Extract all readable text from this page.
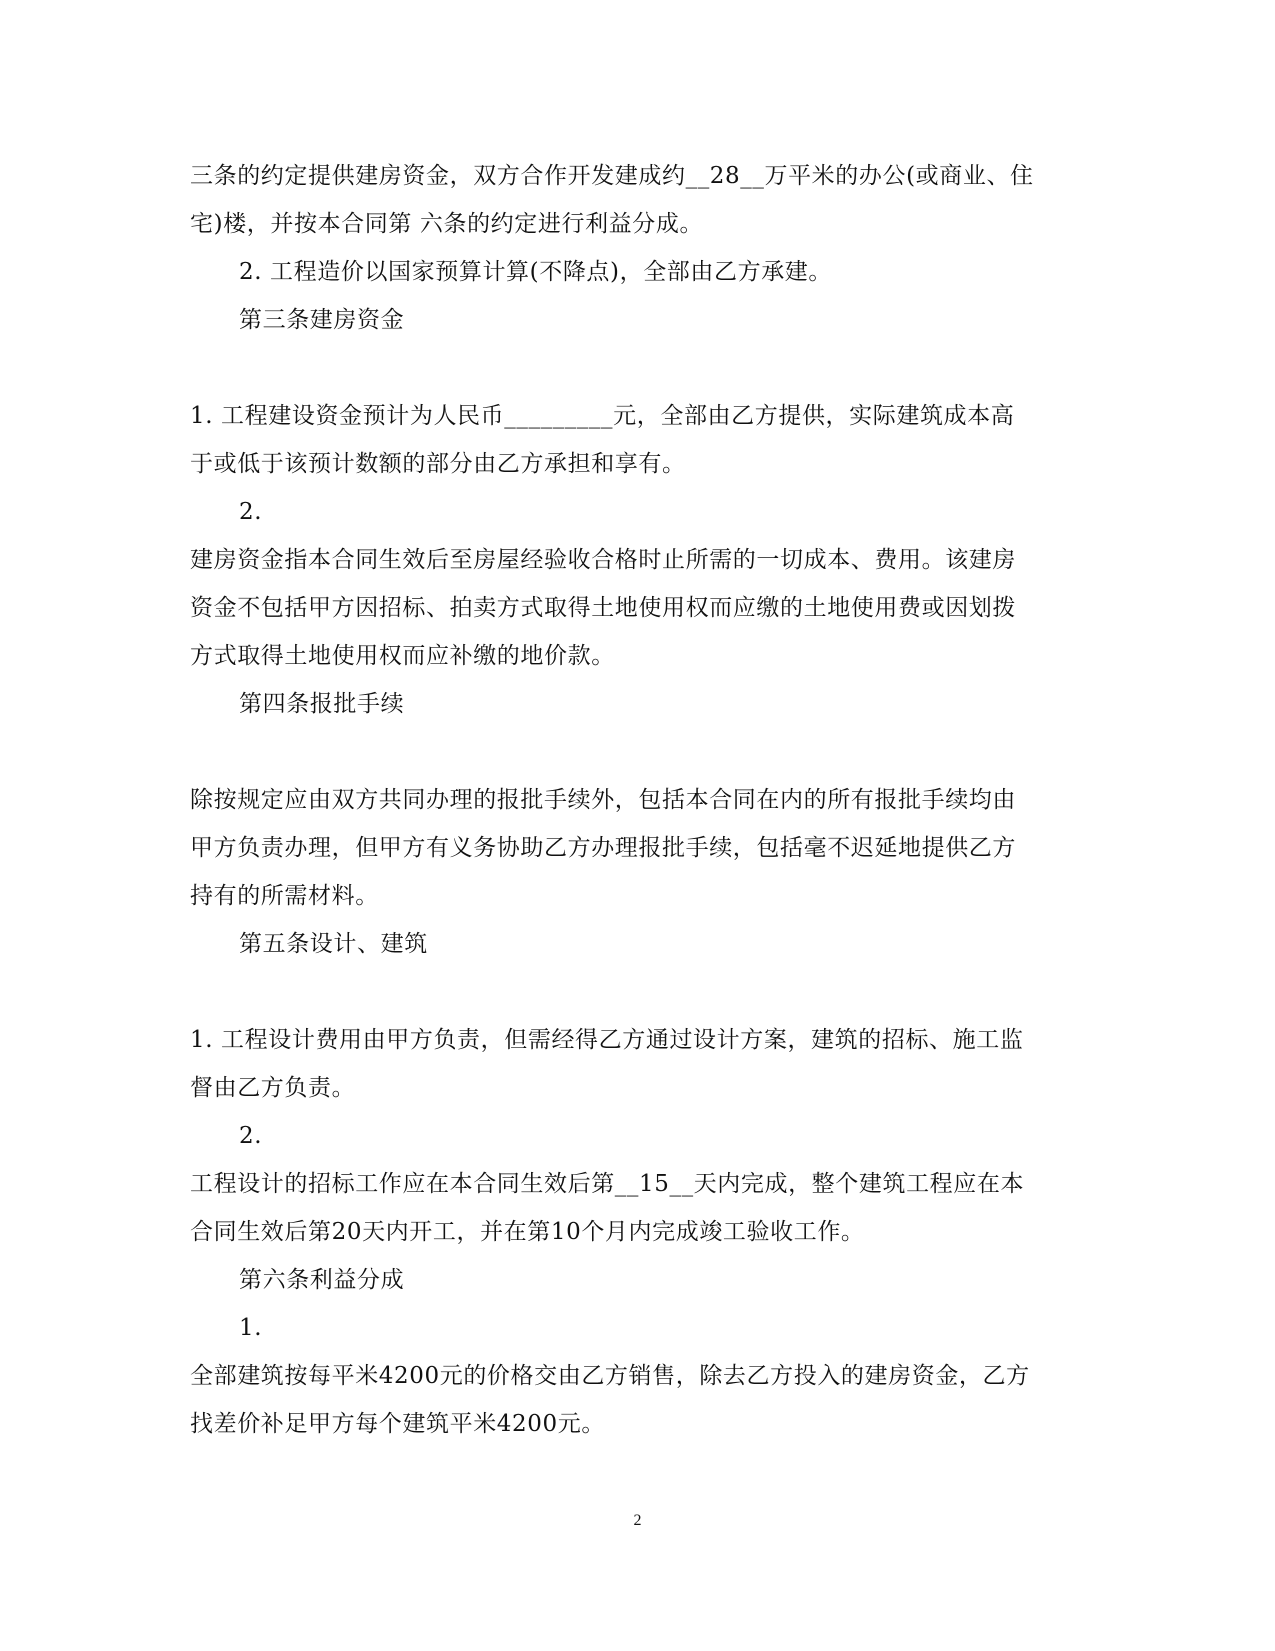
三条的约定提供建房资金，双方合作开发建成约__28__万平米的办公(或商业、住
宅)楼，并按本合同第 六条的约定进行利益分成。
2. 工程造价以国家预算计算(不降点)，全部由乙方承建。
第三条建房资金
1. 工程建设资金预计为人民币_________元，全部由乙方提供，实际建筑成本高
于或低于该预计数额的部分由乙方承担和享有。
2.
建房资金指本合同生效后至房屋经验收合格时止所需的一切成本、费用。该建房
资金不包括甲方因招标、拍卖方式取得土地使用权而应缴的土地使用费或因划拨
方式取得土地使用权而应补缴的地价款。
第四条报批手续
除按规定应由双方共同办理的报批手续外，包括本合同在内的所有报批手续均由
甲方负责办理，但甲方有义务协助乙方办理报批手续，包括毫不迟延地提供乙方
持有的所需材料。
第五条设计、建筑
1. 工程设计费用由甲方负责，但需经得乙方通过设计方案，建筑的招标、施工监
督由乙方负责。
2.
工程设计的招标工作应在本合同生效后第__15__天内完成，整个建筑工程应在本
合同生效后第20天内开工，并在第10个月内完成竣工验收工作。
第六条利益分成
1.
全部建筑按每平米4200元的价格交由乙方销售，除去乙方投入的建房资金，乙方
找差价补足甲方每个建筑平米4200元。
2
